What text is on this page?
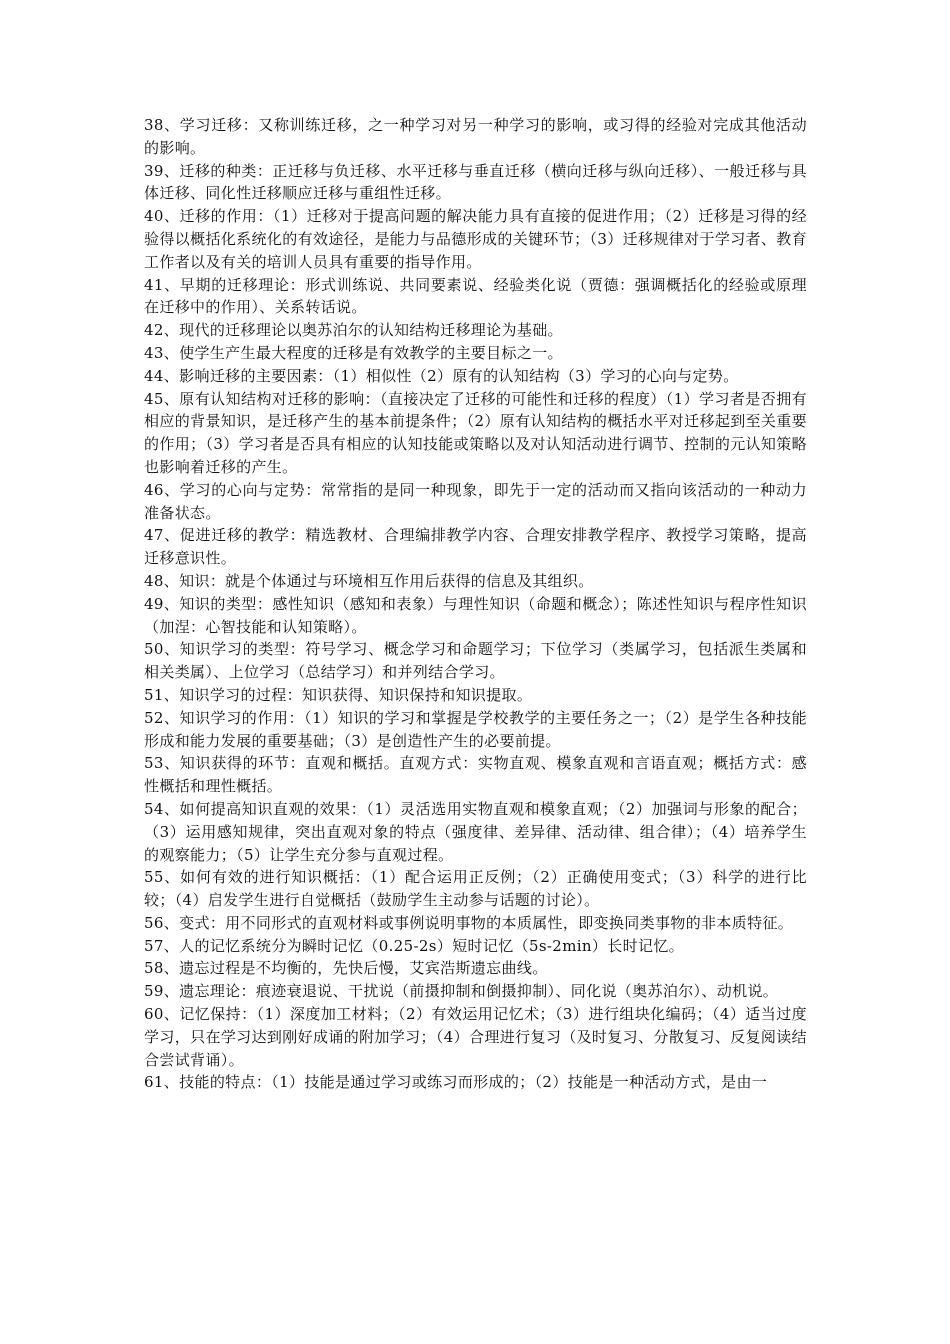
38、学习迁移：又称训练迁移，之一种学习对另一种学习的影响，或习得的经验对完成其他活动的影响。

39、迁移的种类：正迁移与负迁移、水平迁移与垂直迁移（横向迁移与纵向迁移）、一般迁移与具体迁移、同化性迁移顺应迁移与重组性迁移。

40、迁移的作用：（1）迁移对于提高问题的解决能力具有直接的促进作用；（2）迁移是习得的经验得以概括化系统化的有效途径，是能力与品德形成的关键环节；（3）迁移规律对于学习者、教育工作者以及有关的培训人员具有重要的指导作用。

41、早期的迁移理论：形式训练说、共同要素说、经验类化说（贾德：强调概括化的经验或原理在迁移中的作用）、关系转话说。

42、现代的迁移理论以奥苏泊尔的认知结构迁移理论为基础。

43、使学生产生最大程度的迁移是有效教学的主要目标之一。

44、影响迁移的主要因素：（1）相似性（2）原有的认知结构（3）学习的心向与定势。

45、原有认知结构对迁移的影响：（直接决定了迁移的可能性和迁移的程度）（1）学习者是否拥有相应的背景知识，是迁移产生的基本前提条件；（2）原有认知结构的概括水平对迁移起到至关重要的作用；（3）学习者是否具有相应的认知技能或策略以及对认知活动进行调节、控制的元认知策略也影响着迁移的产生。

46、学习的心向与定势：常常指的是同一种现象，即先于一定的活动而又指向该活动的一种动力准备状态。

47、促进迁移的教学：精选教材、合理编排教学内容、合理安排教学程序、教授学习策略，提高迁移意识性。

48、知识：就是个体通过与环境相互作用后获得的信息及其组织。

49、知识的类型：感性知识（感知和表象）与理性知识（命题和概念）；陈述性知识与程序性知识（加涅：心智技能和认知策略）。

50、知识学习的类型：符号学习、概念学习和命题学习；下位学习（类属学习，包括派生类属和相关类属）、上位学习（总结学习）和并列结合学习。

51、知识学习的过程：知识获得、知识保持和知识提取。

52、知识学习的作用：（1）知识的学习和掌握是学校教学的主要任务之一；（2）是学生各种技能形成和能力发展的重要基础；（3）是创造性产生的必要前提。

53、知识获得的环节：直观和概括。直观方式：实物直观、模象直观和言语直观；概括方式：感性概括和理性概括。

54、如何提高知识直观的效果：（1）灵活选用实物直观和模象直观；（2）加强词与形象的配合；（3）运用感知规律，突出直观对象的特点（强度律、差异律、活动律、组合律）；（4）培养学生的观察能力；（5）让学生充分参与直观过程。

55、如何有效的进行知识概括：（1）配合运用正反例；（2）正确使用变式；（3）科学的进行比较；（4）启发学生进行自觉概括（鼓励学生主动参与话题的讨论）。

56、变式：用不同形式的直观材料或事例说明事物的本质属性，即变换同类事物的非本质特征。

57、人的记忆系统分为瞬时记忆（0.25-2s）短时记忆（5s-2min）长时记忆。

58、遗忘过程是不均衡的，先快后慢，艾宾浩斯遗忘曲线。

59、遗忘理论：痕迹衰退说、干扰说（前摄抑制和倒摄抑制）、同化说（奥苏泊尔）、动机说。

60、记忆保持：（1）深度加工材料；（2）有效运用记忆术；（3）进行组块化编码；（4）适当过度学习，只在学习达到刚好成诵的附加学习；（4）合理进行复习（及时复习、分散复习、反复阅读结合尝试背诵）。

61、技能的特点：（1）技能是通过学习或练习而形成的；（2）技能是一种活动方式，是由一
